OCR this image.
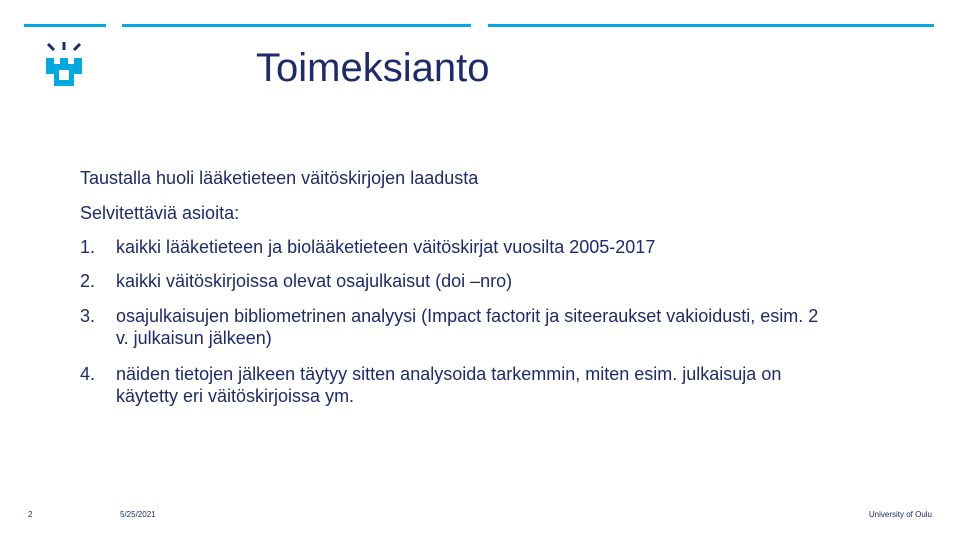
Toimeksianto
Taustalla huoli lääketieteen väitöskirjojen laadusta
Selvitettäviä asioita:
1. kaikki lääketieteen ja biolääketieteen väitöskirjat vuosilta 2005-2017
2. kaikki väitöskirjoissa olevat osajulkaisut (doi –nro)
3. osajulkaisujen bibliometrinen analyysi (Impact factorit ja siteeraukset vakioidusti, esim. 2 v. julkaisun jälkeen)
4. näiden tietojen jälkeen täytyy sitten analysoida tarkemmin, miten esim. julkaisuja on käytetty eri väitöskirjoissa ym.
2	5/25/2021	University of Oulu
